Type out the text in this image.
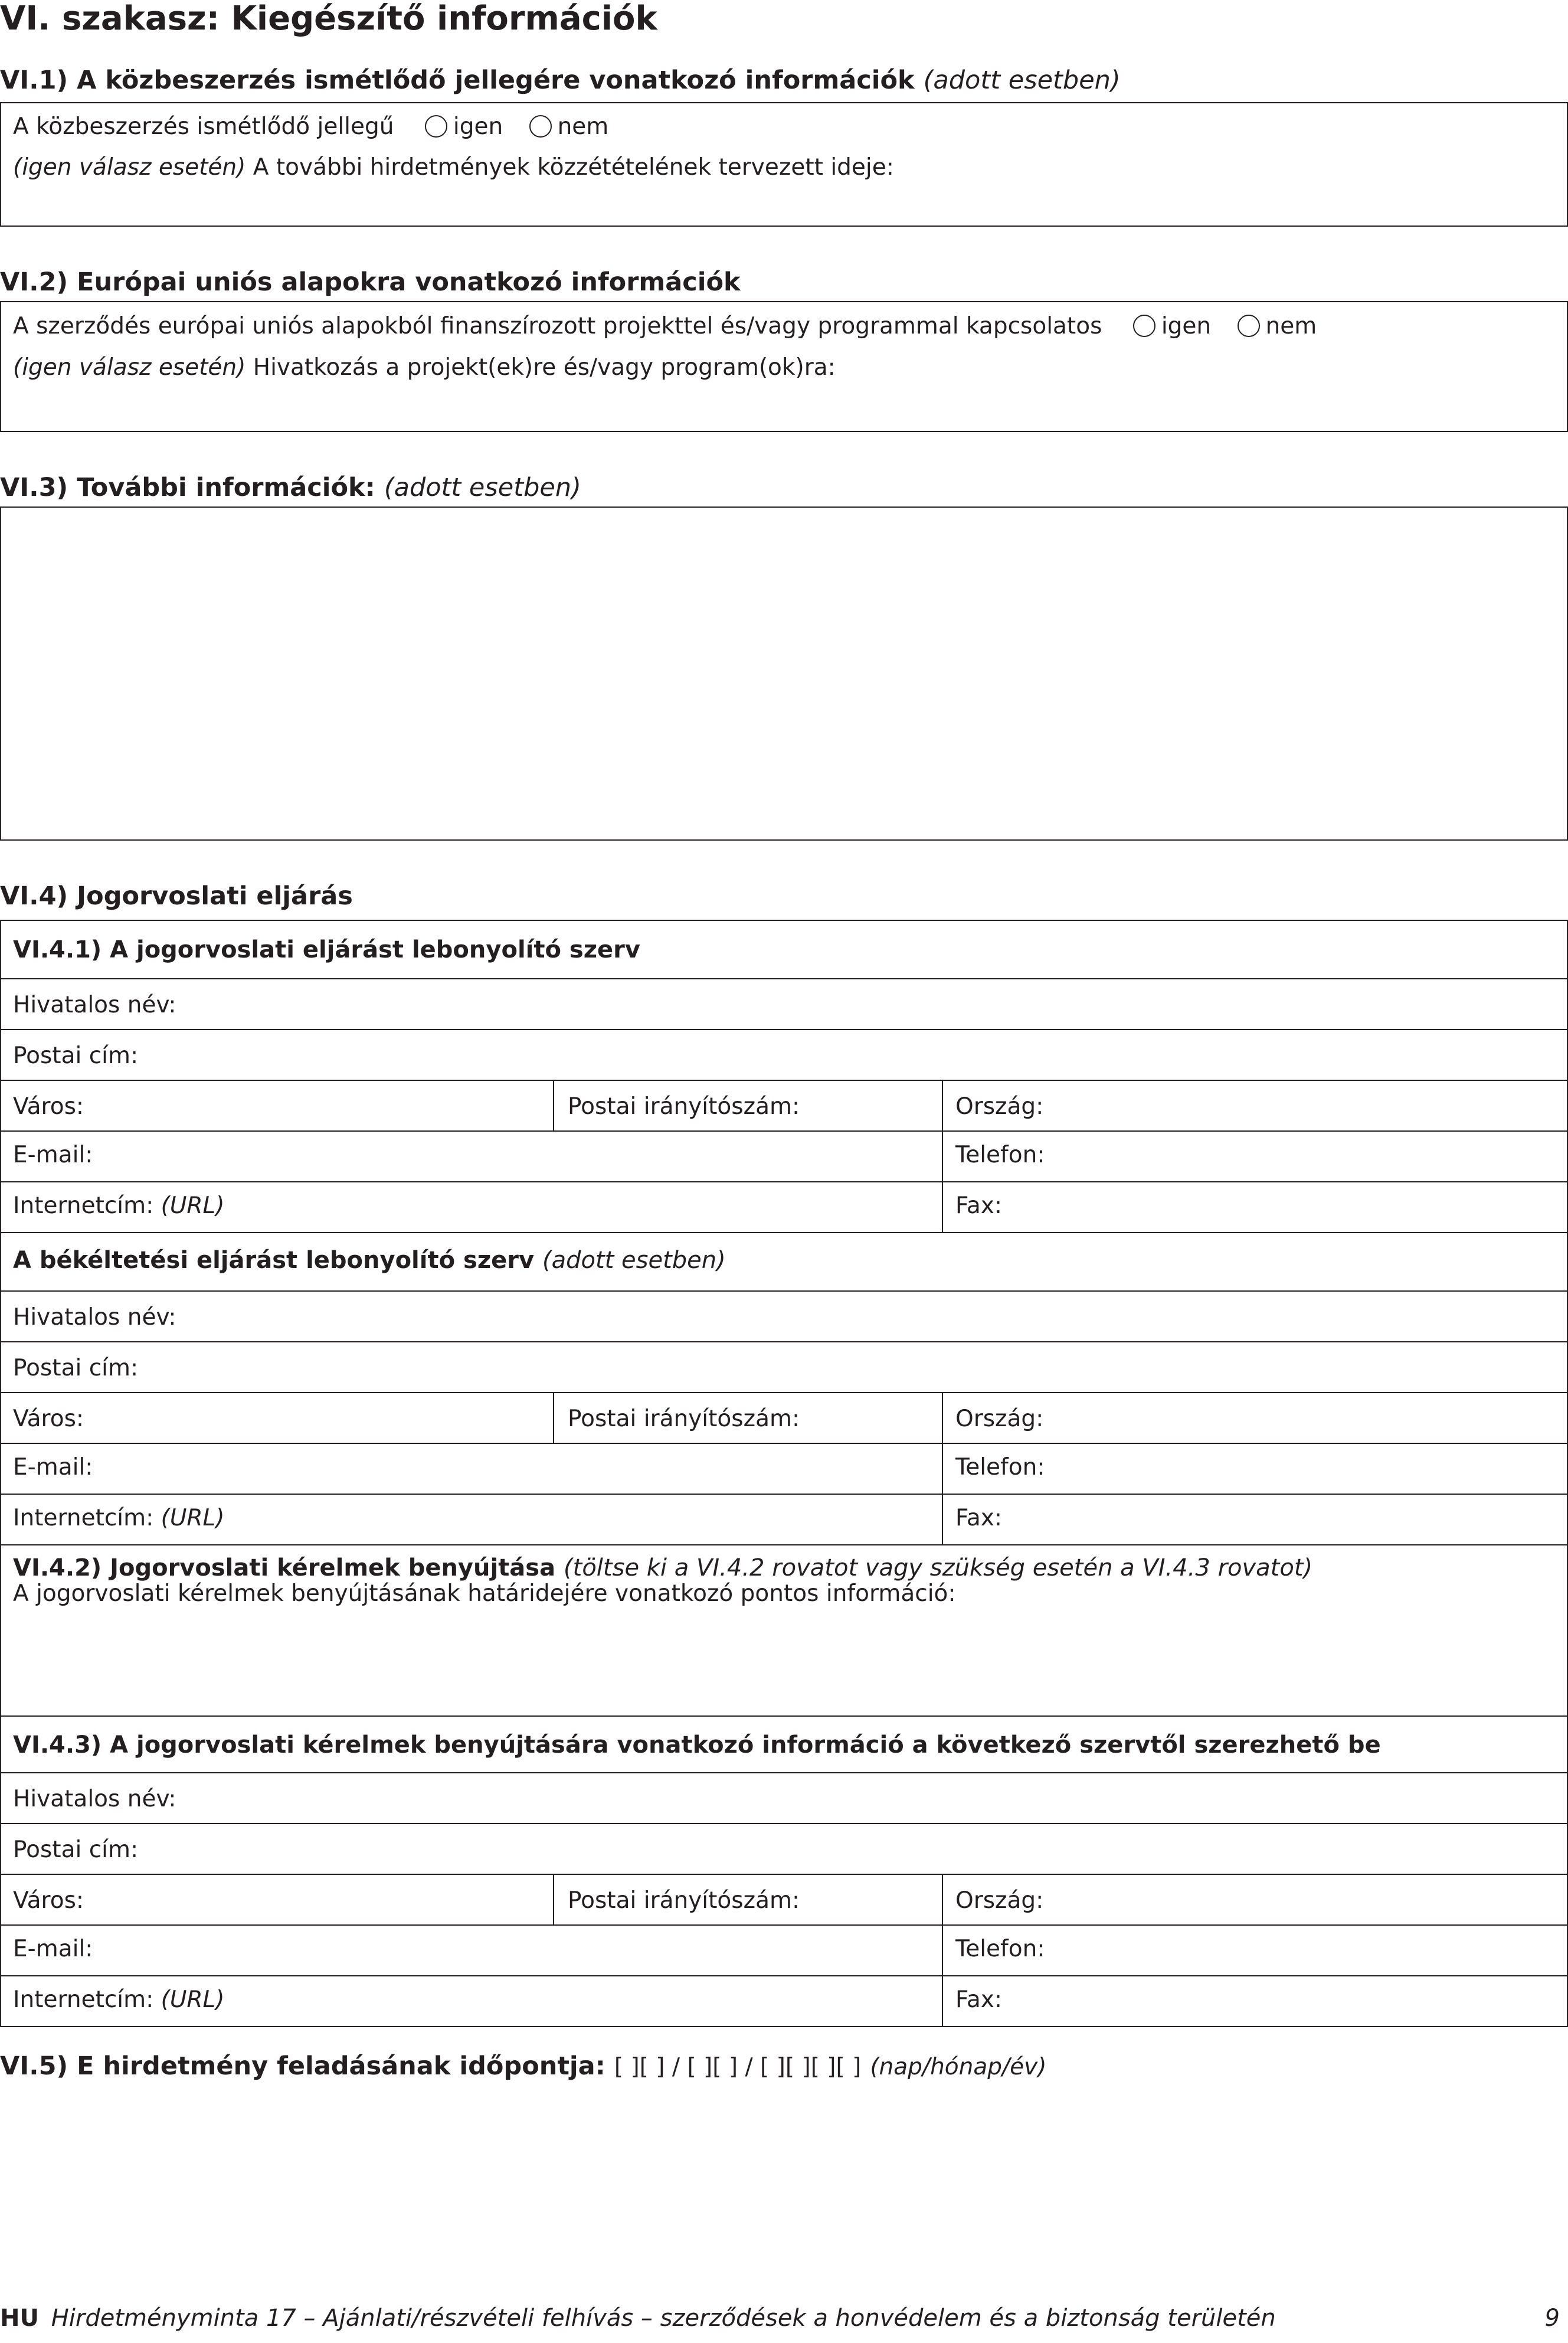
VI. szakasz: Kiegészítő információk
VI.1) A közbeszerzés ismétlődő jellegére vonatkozó információk (adott esetben)
A közbeszerzés ismétlődő jellegű	igen nem
(igen válasz esetén) A további hirdetmények közzétételének tervezett ideje:
VI.2) Európai uniós alapokra vonatkozó információk
A szerződés európai uniós alapokból finanszírozott projekttel és/vagy programmal kapcsolatos	igen nem
(igen válasz esetén) Hivatkozás a projekt(ek)re és/vagy program(ok)ra:
VI.3) További információk: (adott esetben)
VI.4) Jogorvoslati eljárás
VI.4.1) A jogorvoslati eljárást lebonyolító szerv
Hivatalos név:
Postai cím:
Város:	Postai irányítószám:	Ország:
E-mail:	Telefon:
Internetcím: (URL)	Fax:
A békéltetési eljárást lebonyolító szerv (adott esetben)
Hivatalos név:
Postai cím:
Város:	Postai irányítószám:	Ország:
E-mail:	Telefon:
Internetcím: (URL)	Fax:
VI.4.2) Jogorvoslati kérelmek benyújtása (töltse ki a VI.4.2 rovatot vagy szükség esetén a VI.4.3 rovatot)
A jogorvoslati kérelmek benyújtásának határidejére vonatkozó pontos információ:
VI.4.3) A jogorvoslati kérelmek benyújtására vonatkozó információ a következő szervtől szerezhető be
Hivatalos név:
Postai cím:
Város:	Postai irányítószám:	Ország:
E-mail:	Telefon:
Internetcím: (URL)	Fax:
VI.5) E hirdetmény feladásának időpontja: [ ][ ] / [ ][ ] / [ ][ ][ ][ ] (nap/hónap/év)
HU Hirdetményminta 17 – Ajánlati/részvételi felhívás – szerződések a honvédelem és a biztonság területén	9
